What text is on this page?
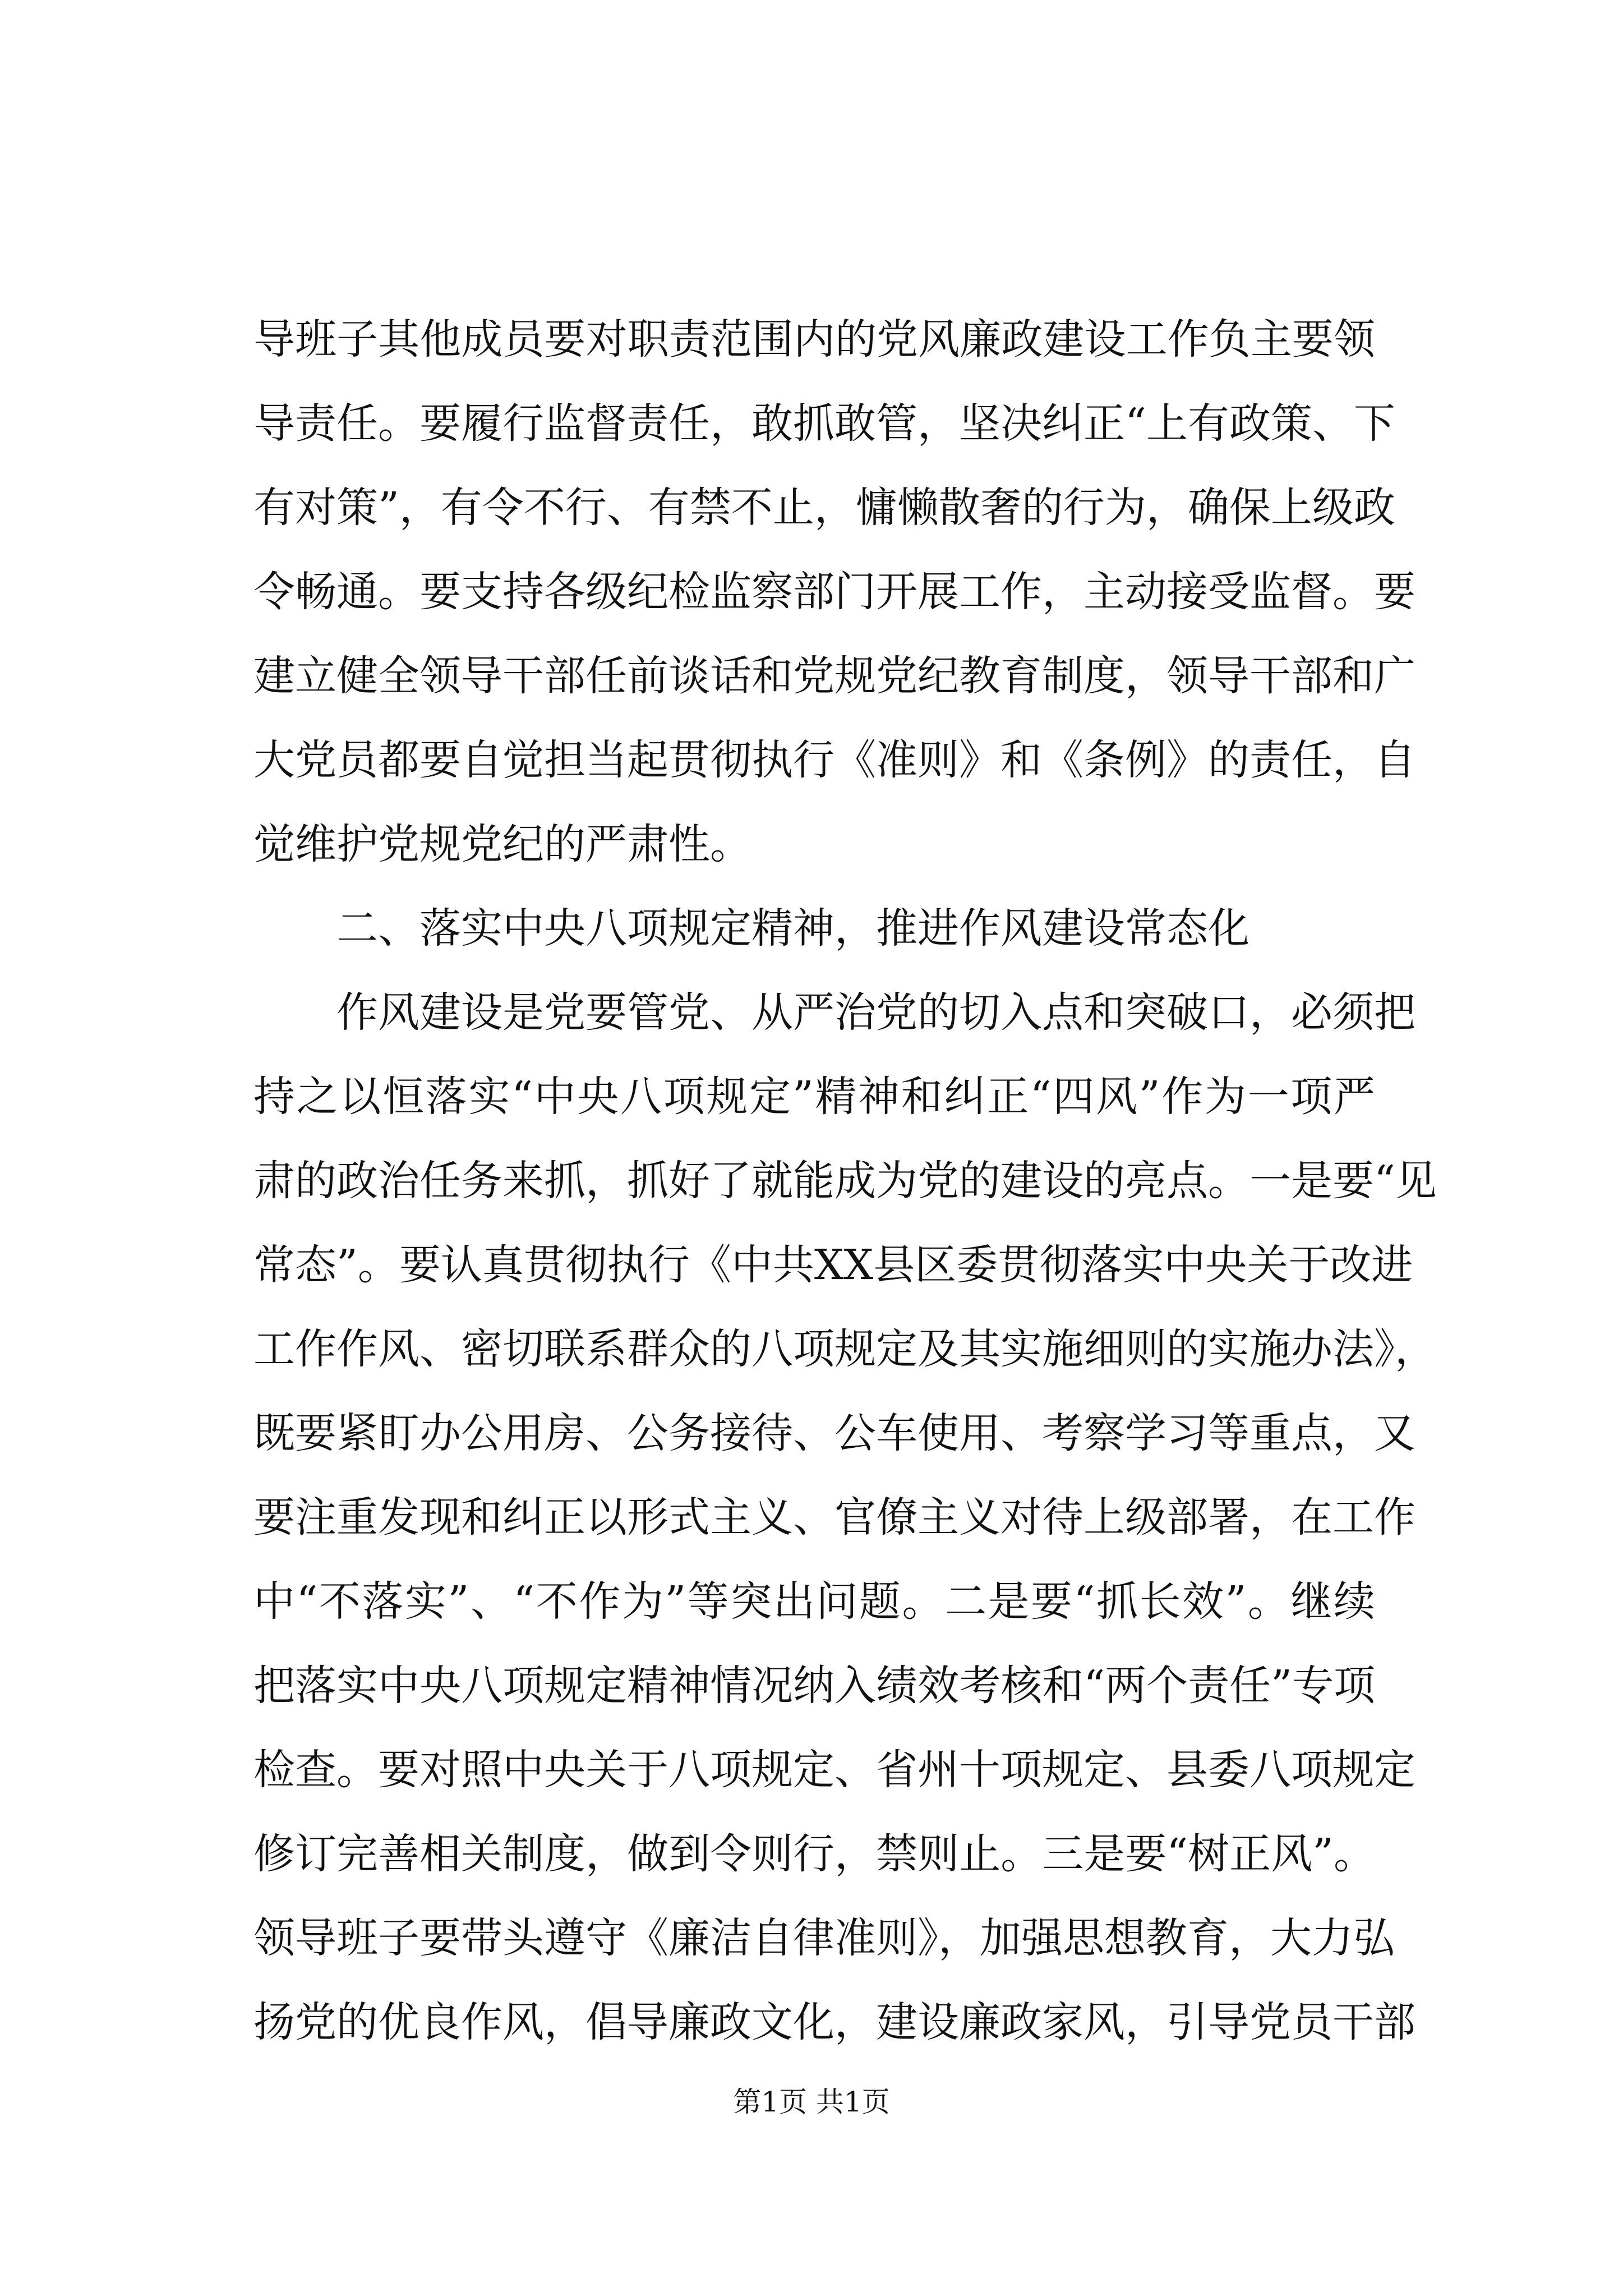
导班子其他成员要对职责范围内的党风廉政建设工作负主要领
导责任。要履行监督责任，敢抓敢管，坚决纠正“上有政策、下
有对策”，有令不行、有禁不止，慵懒散奢的行为，确保上级政
令畅通。要支持各级纪检监察部门开展工作，主动接受监督。要
建立健全领导干部任前谈话和党规党纪教育制度，领导干部和广
大党员都要自觉担当起贯彻执行《准则》和《条例》的责任，自
觉维护党规党纪的严肃性。
二、落实中央八项规定精神，推进作风建设常态化
作风建设是党要管党、从严治党的切入点和突破口，必须把
持之以恒落实“中央八项规定”精神和纠正“四风”作为一项严
肃的政治任务来抓，抓好了就能成为党的建设的亮点。一是要“见
常态”。要认真贯彻执行《中共XX县区委贯彻落实中央关于改进
工作作风、密切联系群众的八项规定及其实施细则的实施办法》，
既要紧盯办公用房、公务接待、公车使用、考察学习等重点，又
要注重发现和纠正以形式主义、官僚主义对待上级部署，在工作
中“不落实”、“不作为”等突出问题。二是要“抓长效”。继续
把落实中央八项规定精神情况纳入绩效考核和“两个责任”专项
检查。要对照中央关于八项规定、省州十项规定、县委八项规定
修订完善相关制度，做到令则行，禁则止。三是要“树正风”。
领导班子要带头遵守《廉洁自律准则》，加强思想教育，大力弘
扬党的优良作风，倡导廉政文化，建设廉政家风，引导党员干部
第1页 共1页
